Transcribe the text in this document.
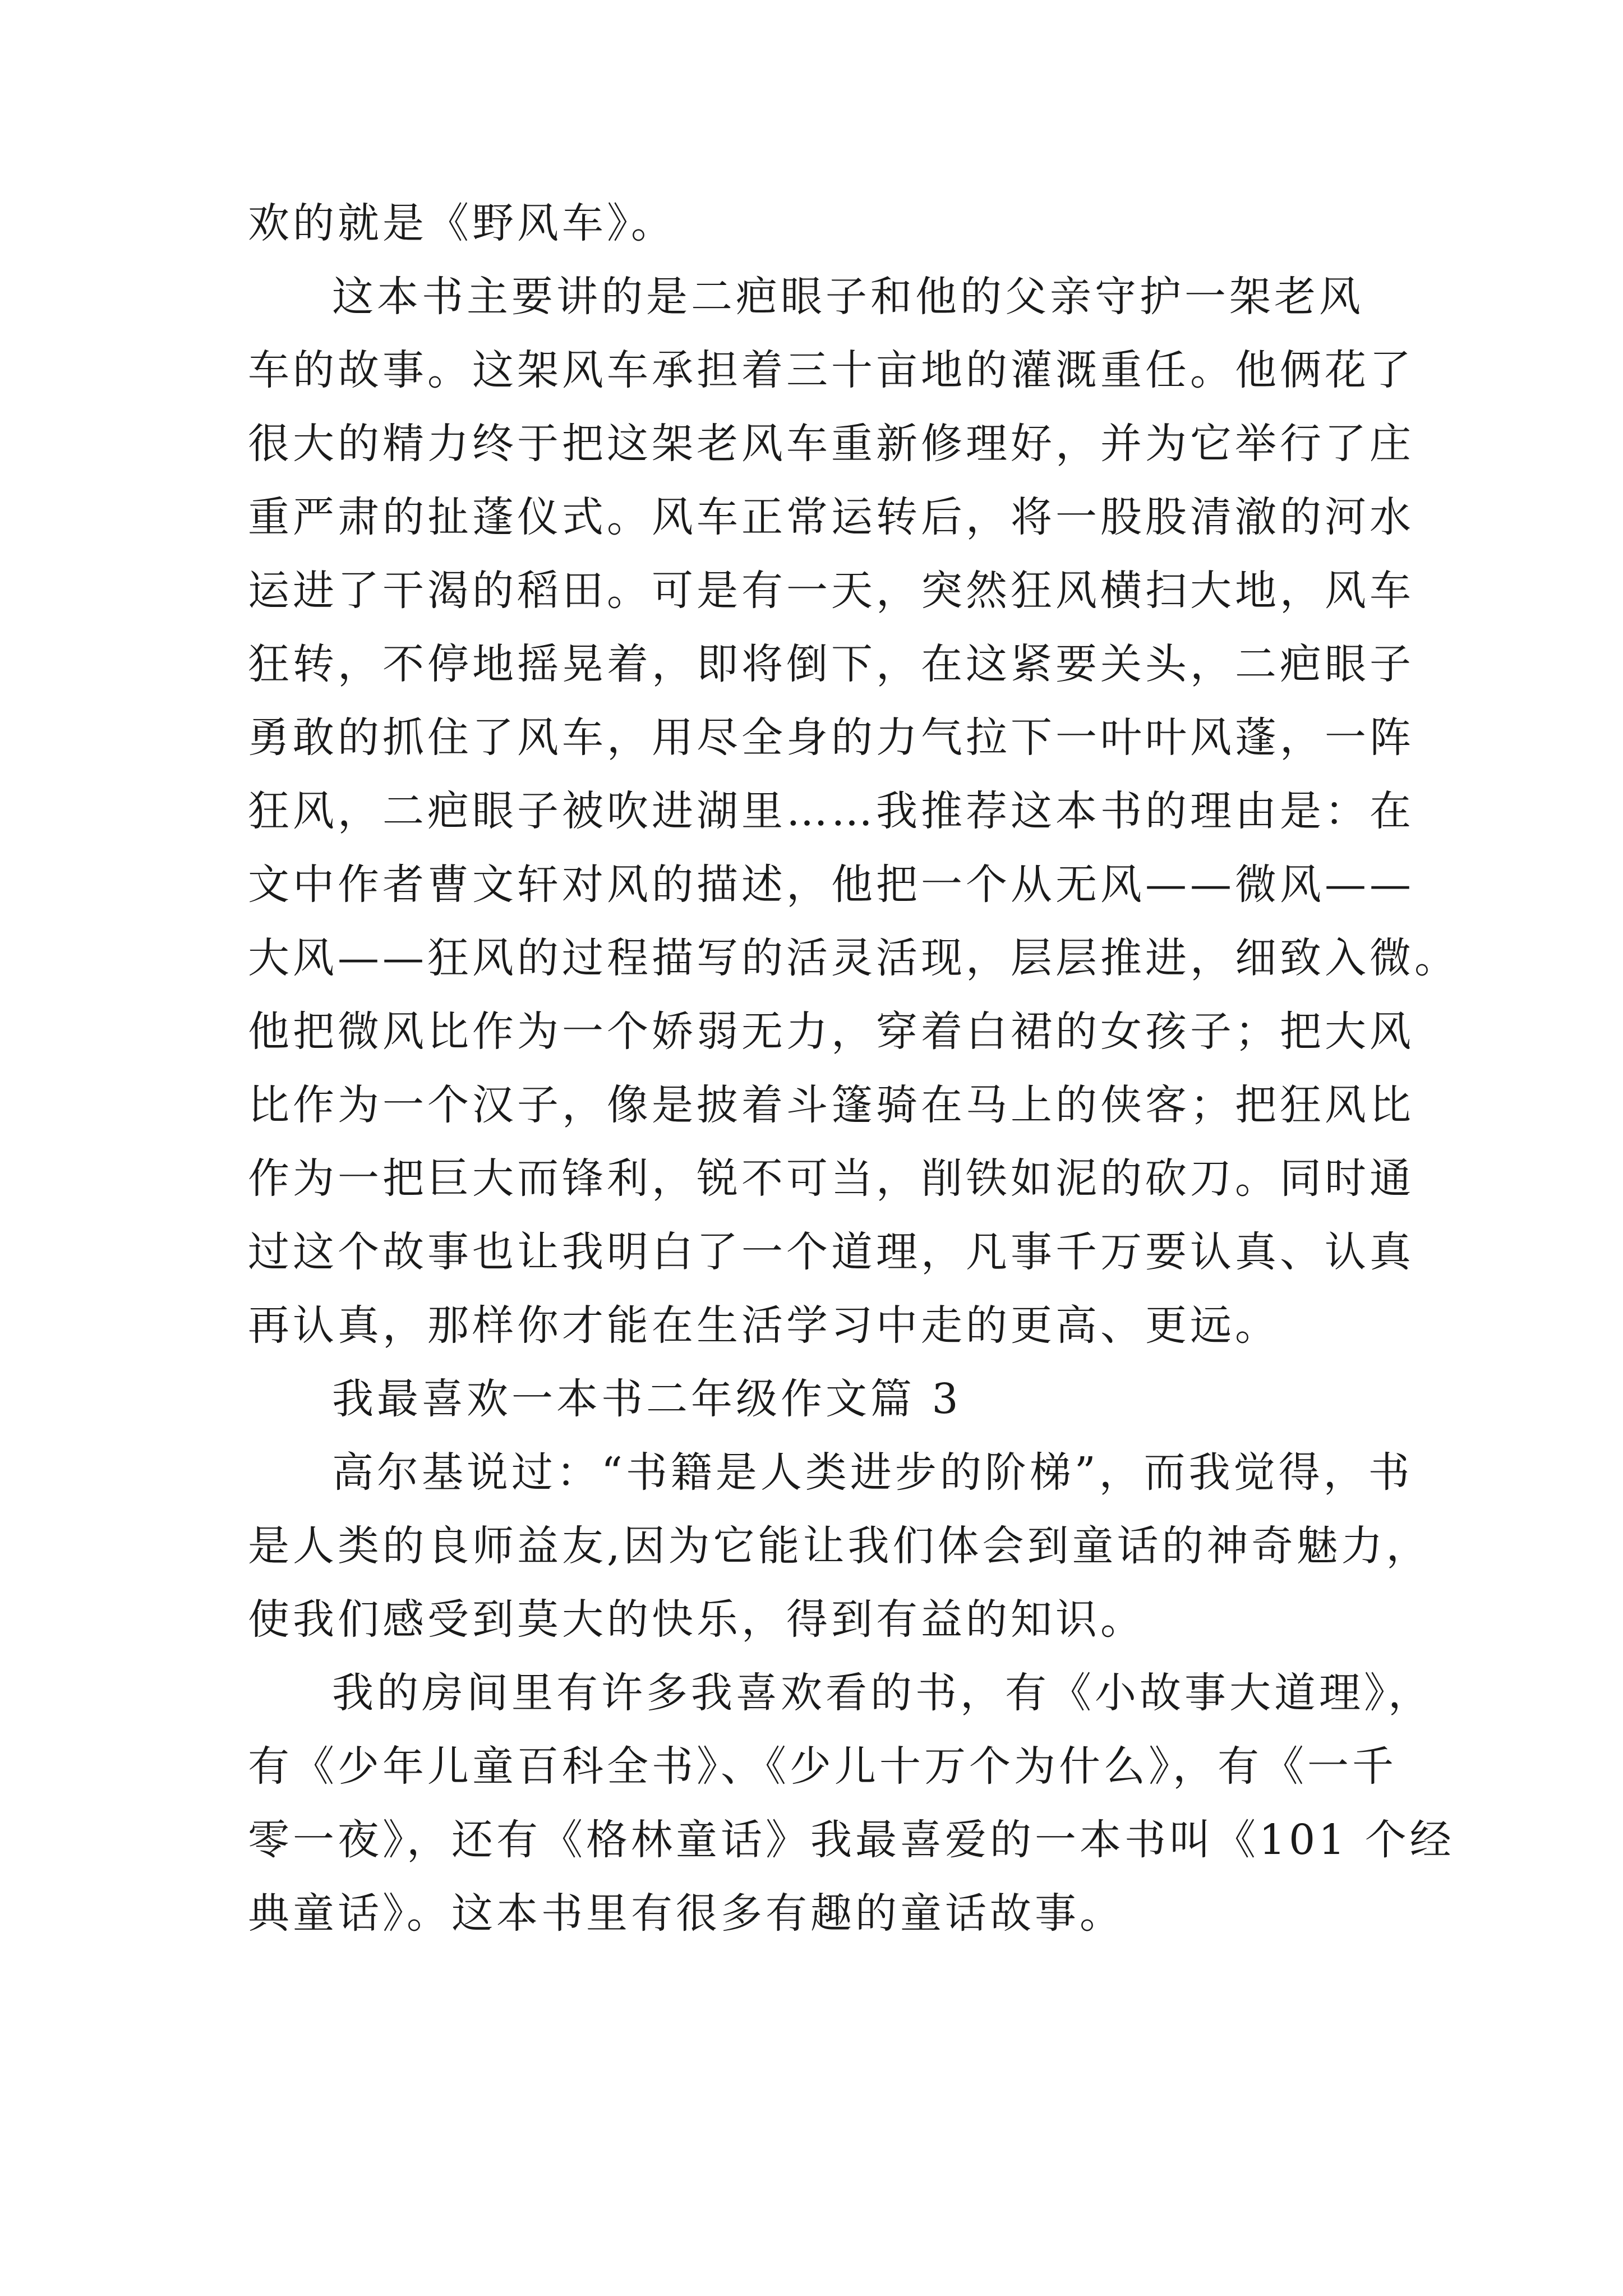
欢的就是《野风车》。
这本书主要讲的是二疤眼子和他的父亲守护一架老风
车的故事。这架风车承担着三十亩地的灌溉重任。他俩花了
很大的精力终于把这架老风车重新修理好，并为它举行了庄
重严肃的扯蓬仪式。风车正常运转后，将一股股清澈的河水
运进了干渴的稻田。可是有一天，突然狂风横扫大地，风车
狂转，不停地摇晃着，即将倒下，在这紧要关头，二疤眼子
勇敢的抓住了风车，用尽全身的力气拉下一叶叶风蓬，一阵
狂风，二疤眼子被吹进湖里……我推荐这本书的理由是：在
文中作者曹文轩对风的描述，他把一个从无风——微风——
大风——狂风的过程描写的活灵活现，层层推进，细致入微。
他把微风比作为一个娇弱无力，穿着白裙的女孩子；把大风
比作为一个汉子，像是披着斗篷骑在马上的侠客；把狂风比
作为一把巨大而锋利，锐不可当，削铁如泥的砍刀。同时通
过这个故事也让我明白了一个道理，凡事千万要认真、认真
再认真，那样你才能在生活学习中走的更高、更远。
我最喜欢一本书二年级作文篇 3
高尔基说过：“书籍是人类进步的阶梯”，而我觉得，书
是人类的良师益友,因为它能让我们体会到童话的神奇魅力，
使我们感受到莫大的快乐，得到有益的知识。
我的房间里有许多我喜欢看的书，有《小故事大道理》，
有《少年儿童百科全书》、《少儿十万个为什么》，有《一千
零一夜》，还有《格林童话》我最喜爱的一本书叫《101 个经
典童话》。这本书里有很多有趣的童话故事。
